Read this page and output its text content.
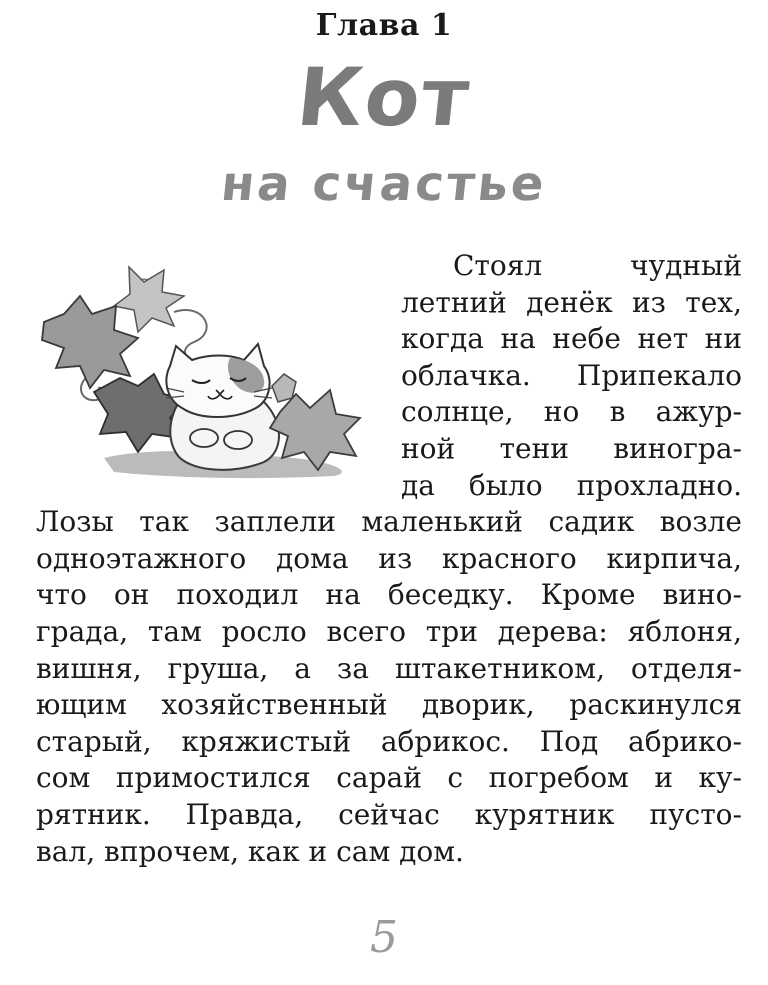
Глава 1
Кот
на счастье
Стоял чудный
летний денёк из тех,
когда на небе нет ни
облачка. Припекало
солнце, но в ажур-
ной тени виногра-
да было прохладно.
Лозы так заплели маленький садик возле
одноэтажного дома из красного кирпича,
что он походил на беседку. Кроме вино-
града, там росло всего три дерева: яблоня,
вишня, груша, а за штакетником, отделя-
ющим хозяйственный дворик, раскинулся
старый, кряжистый абрикос. Под абрико-
сом примостился сарай с погребом и ку-
рятник. Правда, сейчас курятник пусто-
вал, впрочем, как и сам дом.
5
